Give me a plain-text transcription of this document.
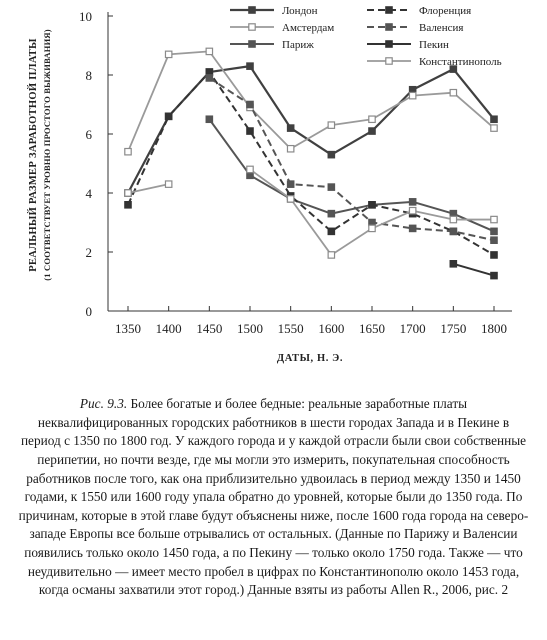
РЕАЛЬНЫЙ РАЗМЕР ЗАРАБОТНОЙ ПЛАТЫ (1 СООТВЕТСТВУЕТ УРОВНЮ ПРОСТОГО ВЫЖИВАНИЯ)
0
2
4
6
8
10
1350 1400 1450 1500 1550 1600 1650 1700 1750 1800
Лондон
Амстердам
Париж
Флоренция
Валенсия
Пекин
Константинополь
ДАТЫ, Н. Э.

Рис. 9.3. Более богатые и более бедные: реальные заработные платы неквалифицированных городских работников в шести городах Запада и в Пекине в период с 1350 по 1800 год. У каждого города и у каждой отрасли были свои собственные перипетии, но почти везде, где мы могли это измерить, покупательная способность работников после того, как она приблизительно удвоилась в период между 1350 и 1450 годами, к 1550 или 1600 году упала обратно до уровней, которые были до 1350 года. По причинам, которые в этой главе будут объяснены ниже, после 1600 года города на северо-западе Европы все больше отрывались от остальных. (Данные по Парижу и Валенсии появились только около 1450 года, а по Пекину — только около 1750 года. Также — что неудивительно — имеет место пробел в цифрах по Константинополю около 1453 года, когда османы захватили этот город.) Данные взяты из работы Allen R., 2006, рис. 2
